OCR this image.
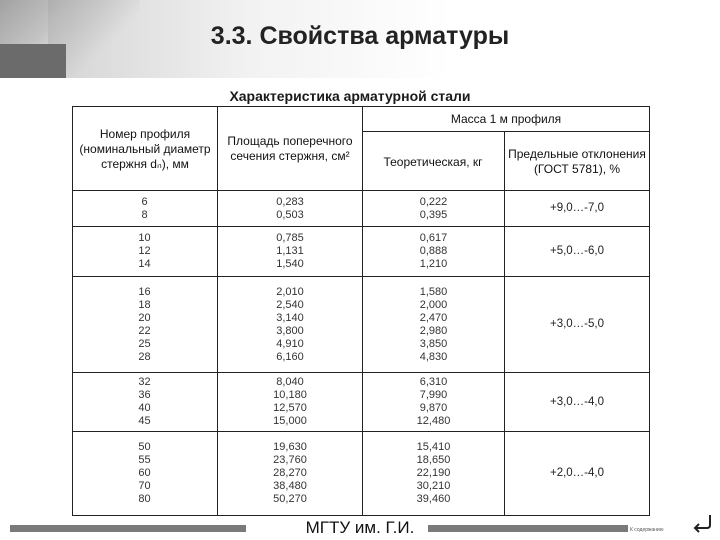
3.3. Свойства арматуры
Характеристика арматурной стали
Номер профиля (номинальный диаметр стержня dₙ), мм
Площадь поперечного сечения стержня, см²
Масса 1 м профиля
Теоретическая, кг
Предельные отклонения (ГОСТ 5781), %
6
8
0,283
0,503
0,222
0,395
+9,0…-7,0
10
12
14
0,785
1,131
1,540
0,617
0,888
1,210
+5,0…-6,0
16
18
20
22
25
28
2,010
2,540
3,140
3,800
4,910
6,160
1,580
2,000
2,470
2,980
3,850
4,830
+3,0…-5,0
32
36
40
45
8,040
10,180
12,570
15,000
6,310
7,990
9,870
12,480
+3,0…-4,0
50
55
60
70
80
19,630
23,760
28,270
38,480
50,270
15,410
18,650
22,190
30,210
39,460
+2,0…-4,0
МГТУ им. Г.И.	К содержанию
